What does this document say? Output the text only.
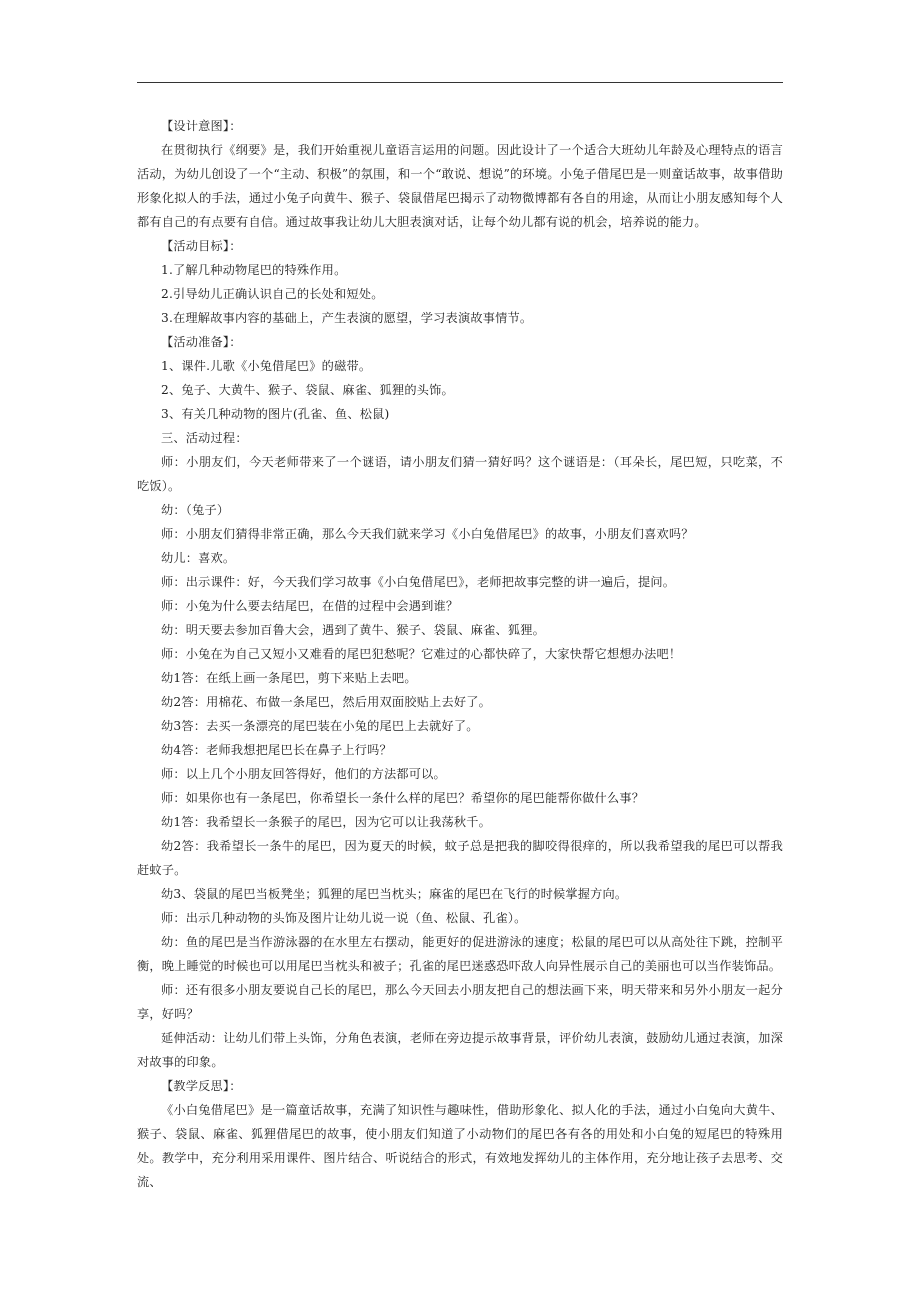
【设计意图】：

在贯彻执行《纲要》是，我们开始重视儿童语言运用的问题。因此设计了一个适合大班幼儿年龄及心理特点的语言活动，为幼儿创设了一个“主动、积极”的氛围，和一个“敢说、想说”的环境。小兔子借尾巴是一则童话故事，故事借助形象化拟人的手法，通过小兔子向黄牛、猴子、袋鼠借尾巴揭示了动物微博都有各自的用途，从而让小朋友感知每个人都有自己的有点要有自信。通过故事我让幼儿大胆表演对话，让每个幼儿都有说的机会，培养说的能力。

【活动目标】：

1.了解几种动物尾巴的特殊作用。

2.引导幼儿正确认识自己的长处和短处。

3.在理解故事内容的基础上，产生表演的愿望，学习表演故事情节。

【活动准备】：

1、课件.儿歌《小兔借尾巴》的磁带。

2、兔子、大黄牛、猴子、袋鼠、麻雀、狐狸的头饰。

3、有关几种动物的图片(孔雀、鱼、松鼠)

三、活动过程：

师：小朋友们，今天老师带来了一个谜语，请小朋友们猜一猜好吗？这个谜语是：（耳朵长，尾巴短，只吃菜，不吃饭）。

幼：（兔子）

师：小朋友们猜得非常正确，那么今天我们就来学习《小白兔借尾巴》的故事，小朋友们喜欢吗？

幼儿：喜欢。

师：出示课件：好，今天我们学习故事《小白兔借尾巴》，老师把故事完整的讲一遍后，提问。

师：小兔为什么要去结尾巴，在借的过程中会遇到谁？

幼：明天要去参加百鲁大会，遇到了黄牛、猴子、袋鼠、麻雀、狐狸。

师：小兔在为自己又短小又难看的尾巴犯愁呢？它难过的心都快碎了，大家快帮它想想办法吧！

幼1答：在纸上画一条尾巴，剪下来贴上去吧。

幼2答：用棉花、布做一条尾巴，然后用双面胶贴上去好了。

幼3答：去买一条漂亮的尾巴装在小兔的尾巴上去就好了。

幼4答：老师我想把尾巴长在鼻子上行吗？

师：以上几个小朋友回答得好，他们的方法都可以。

师：如果你也有一条尾巴，你希望长一条什么样的尾巴？希望你的尾巴能帮你做什么事？

幼1答：我希望长一条猴子的尾巴，因为它可以让我荡秋千。

幼2答：我希望长一条牛的尾巴，因为夏天的时候，蚊子总是把我的脚咬得很痒的，所以我希望我的尾巴可以帮我赶蚊子。

幼3、袋鼠的尾巴当板凳坐；狐狸的尾巴当枕头；麻雀的尾巴在飞行的时候掌握方向。

师：出示几种动物的头饰及图片让幼儿说一说（鱼、松鼠、孔雀）。

幼：鱼的尾巴是当作游泳器的在水里左右摆动，能更好的促进游泳的速度；松鼠的尾巴可以从高处往下跳，控制平衡，晚上睡觉的时候也可以用尾巴当枕头和被子；孔雀的尾巴迷惑恐吓敌人向异性展示自己的美丽也可以当作装饰品。

师：还有很多小朋友要说自己长的尾巴，那么今天回去小朋友把自己的想法画下来，明天带来和另外小朋友一起分享，好吗？

延伸活动：让幼儿们带上头饰，分角色表演，老师在旁边提示故事背景，评价幼儿表演，鼓励幼儿通过表演，加深对故事的印象。

【教学反思】：

《小白兔借尾巴》是一篇童话故事，充满了知识性与趣味性，借助形象化、拟人化的手法，通过小白兔向大黄牛、猴子、袋鼠、麻雀、狐狸借尾巴的故事，使小朋友们知道了小动物们的尾巴各有各的用处和小白兔的短尾巴的特殊用处。教学中，充分利用采用课件、图片结合、听说结合的形式，有效地发挥幼儿的主体作用，充分地让孩子去思考、交流、
